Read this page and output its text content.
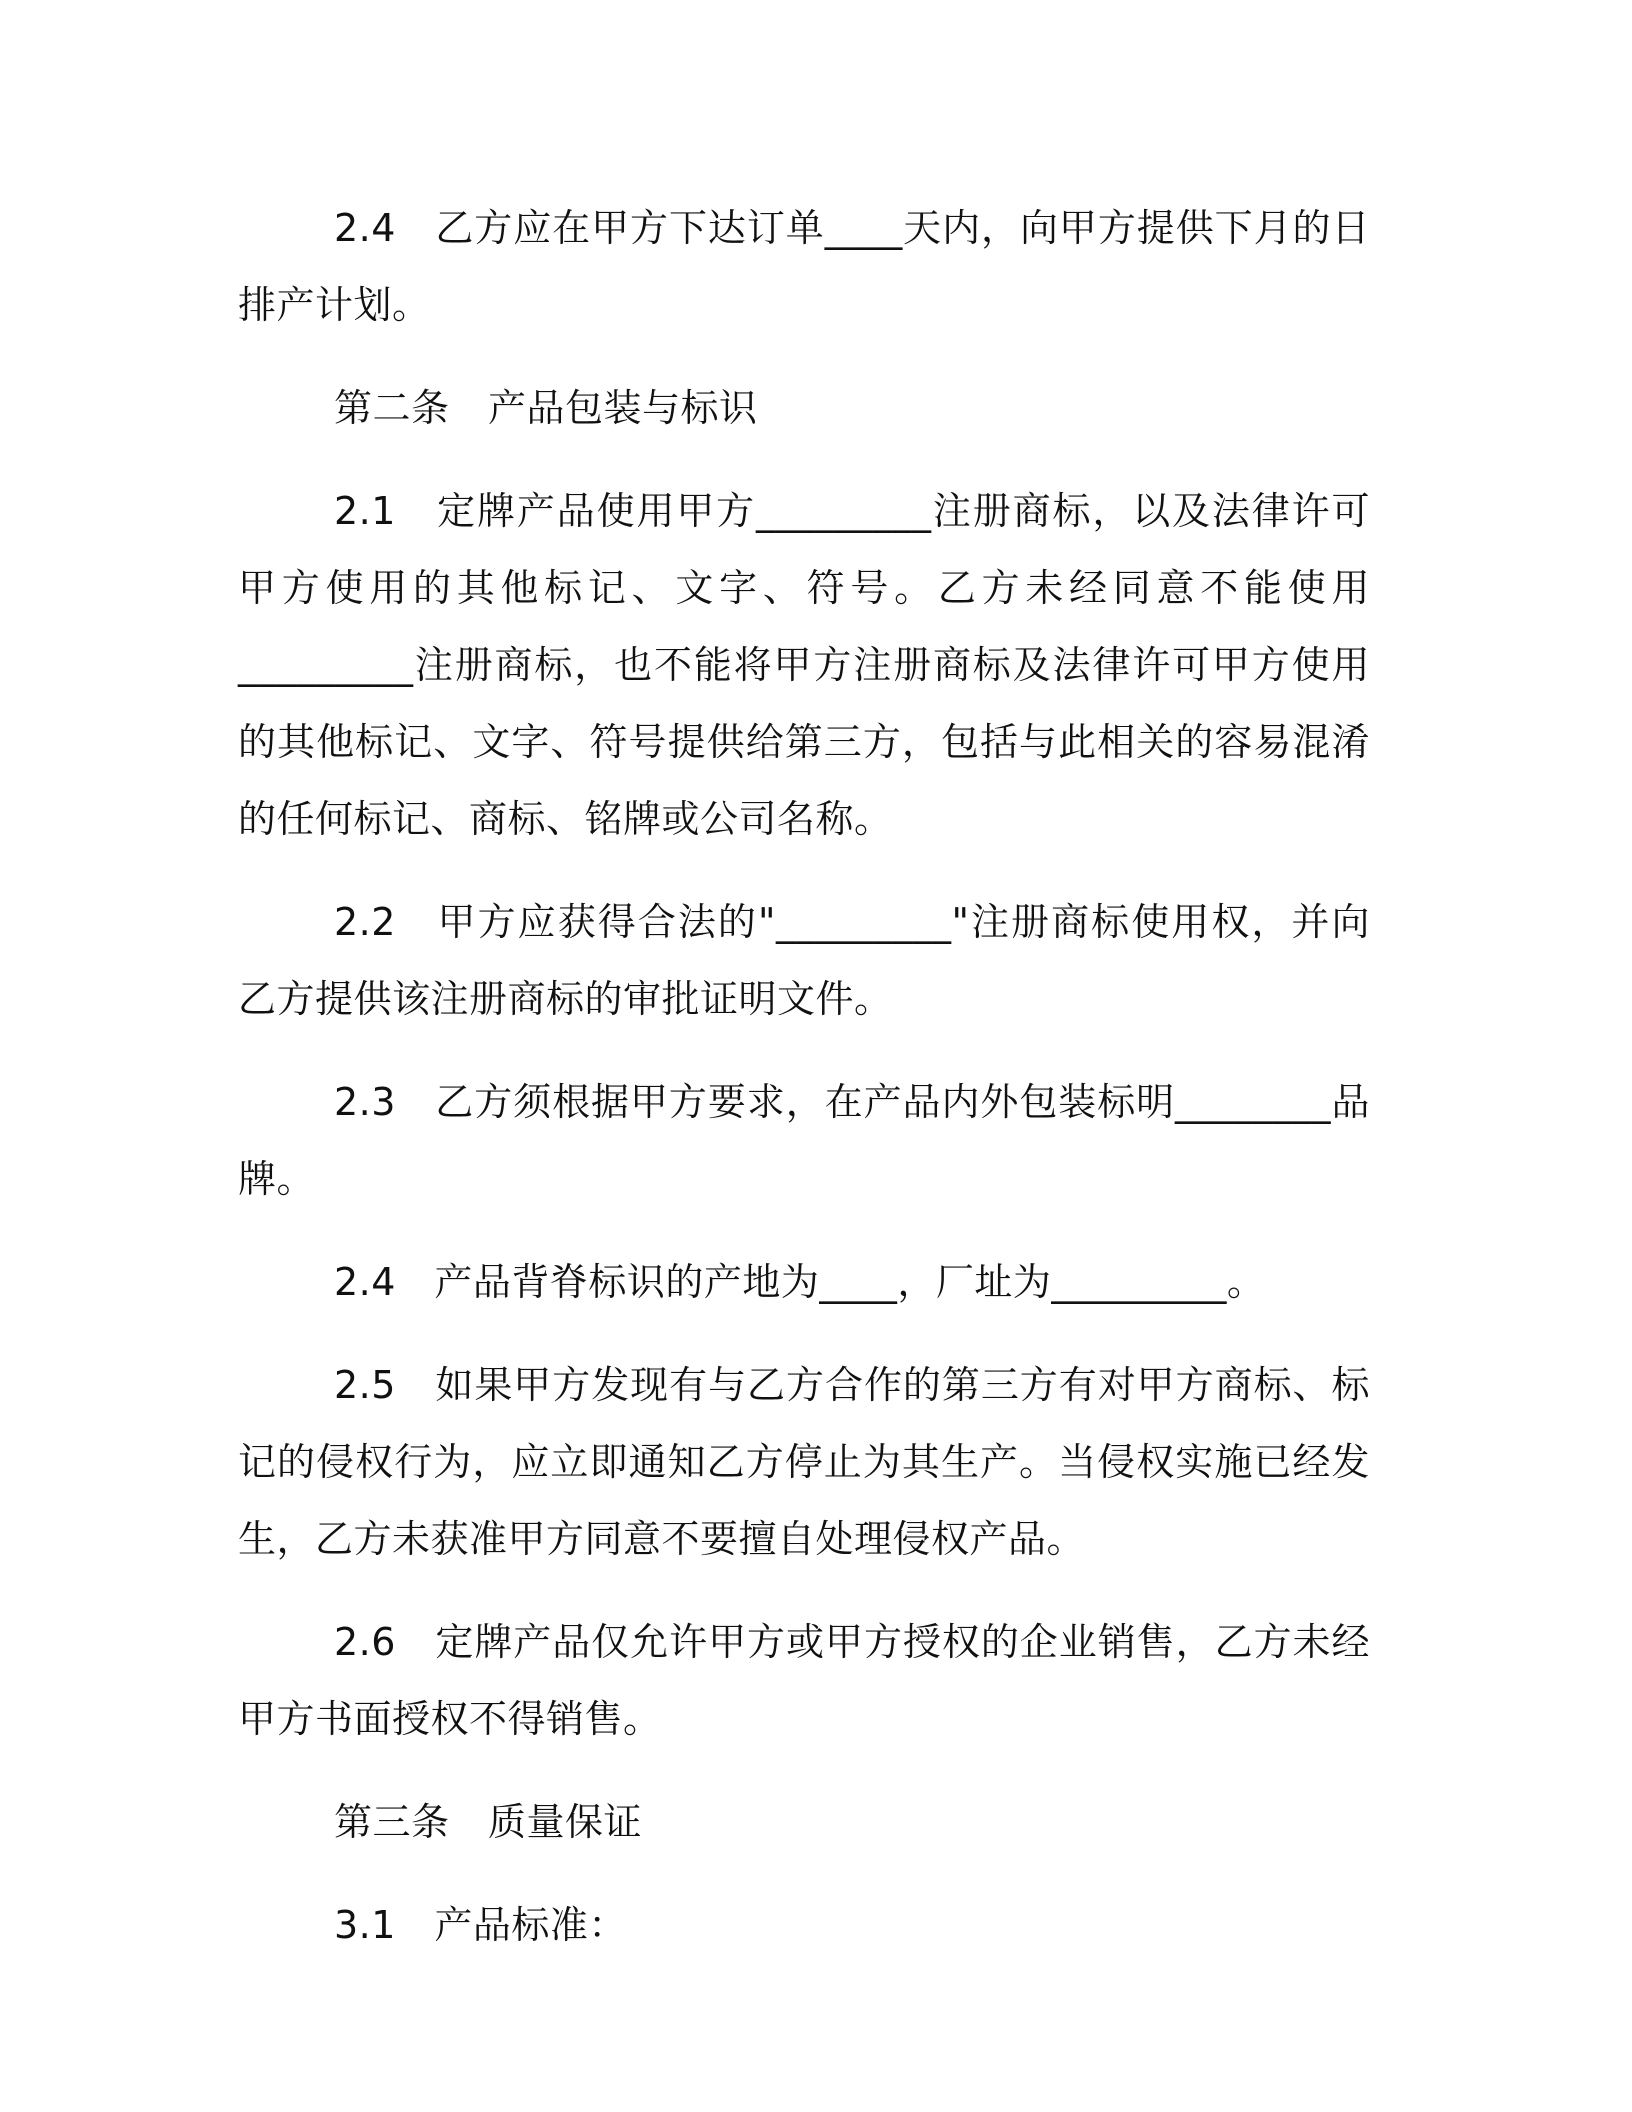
2.4　乙方应在甲方下达订单____天内，向甲方提供下月的日排产计划。

第二条　产品包装与标识

2.1　定牌产品使用甲方_________注册商标，以及法律许可甲方使用的其他标记、文字、符号。乙方未经同意不能使用_________注册商标，也不能将甲方注册商标及法律许可甲方使用的其他标记、文字、符号提供给第三方，包括与此相关的容易混淆的任何标记、商标、铭牌或公司名称。

2.2　甲方应获得合法的"_________"注册商标使用权，并向乙方提供该注册商标的审批证明文件。

2.3　乙方须根据甲方要求，在产品内外包装标明________品牌。

2.4　产品背脊标识的产地为____，厂址为_________。

2.5　如果甲方发现有与乙方合作的第三方有对甲方商标、标记的侵权行为，应立即通知乙方停止为其生产。当侵权实施已经发生，乙方未获准甲方同意不要擅自处理侵权产品。

2.6　定牌产品仅允许甲方或甲方授权的企业销售，乙方未经甲方书面授权不得销售。

第三条　质量保证

3.1　产品标准：
